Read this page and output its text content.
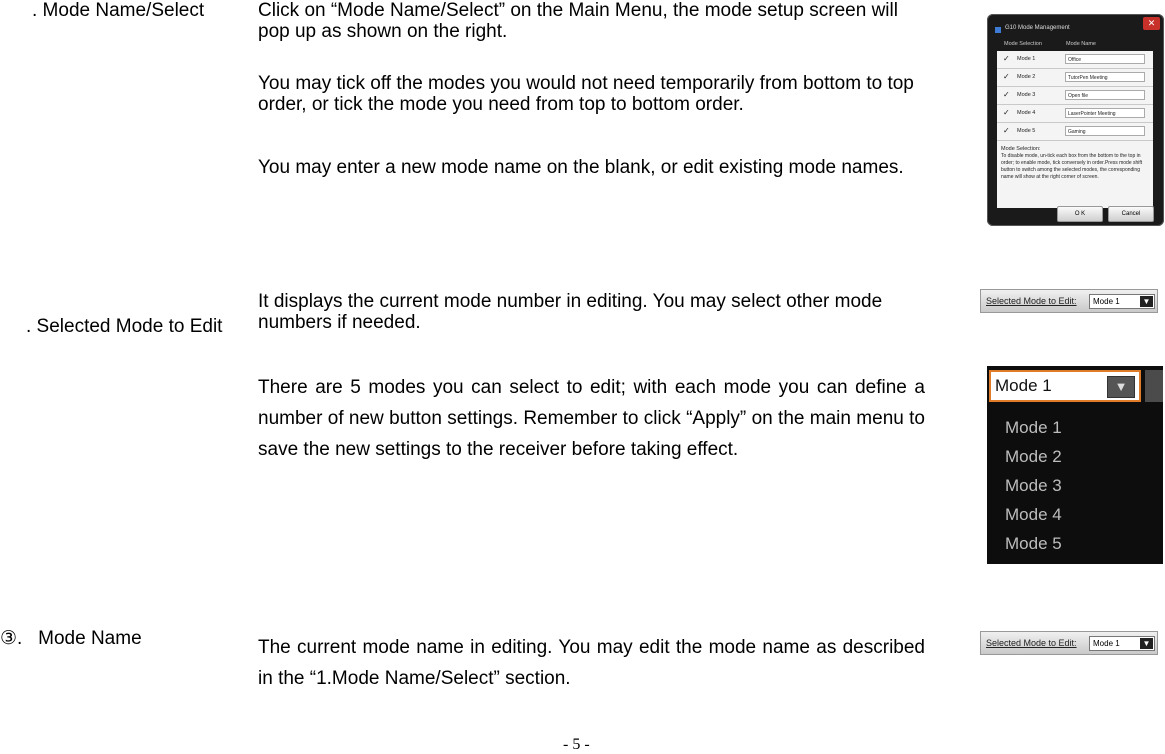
. Mode Name/Select	Click on “Mode Name/Select” on the Main Menu, the mode setup screen will pop up as shown on the right.
You may tick off the modes you would not need temporarily from bottom to top order, or tick the mode you need from top to bottom order.
You may enter a new mode name on the blank, or edit existing mode names.
G10 Mode Management	✕
Mode Selection	Mode Name
✓ Mode 1	Office
✓ Mode 2	TutorPen Meeting
✓ Mode 3	Open file
✓ Mode 4	LaserPointer Meeting
✓ Mode 5	Gaming
Mode Selection:
To disable mode, un-tick each box from the bottom to the top in order; to enable mode, tick conversely in order.Press mode shift button to switch among the selected modes, the corresponding name will show at the right corner of screen.
O K	Cancel
. Selected Mode to Edit
It displays the current mode number in editing. You may select other mode numbers if needed.
There are 5 modes you can select to edit; with each mode you can define a number of new button settings. Remember to click “Apply” on the main menu to save the new settings to the receiver before taking effect.
Selected Mode to Edit:	Mode 1	▼
Mode 1	▼
Mode 1
Mode 2
Mode 3
Mode 4
Mode 5
③.   Mode Name	The current mode name in editing. You may edit the mode name as described in the “1.Mode Name/Select” section.
Selected Mode to Edit:	Mode 1	▼
- 5 -
